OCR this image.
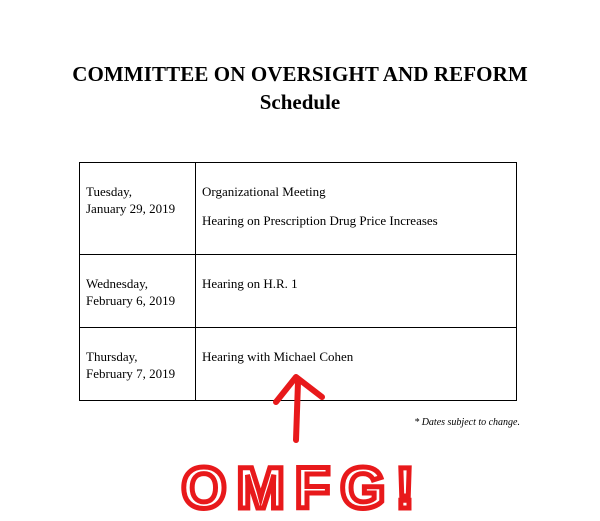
COMMITTEE ON OVERSIGHT AND REFORM
Schedule
Tuesday,
January 29, 2019	Organizational Meeting
Hearing on Prescription Drug Price Increases

Wednesday,
February 6, 2019	Hearing on H.R. 1

Thursday,
February 7, 2019	Hearing with Michael Cohen
* Dates subject to change.
OMFG!
